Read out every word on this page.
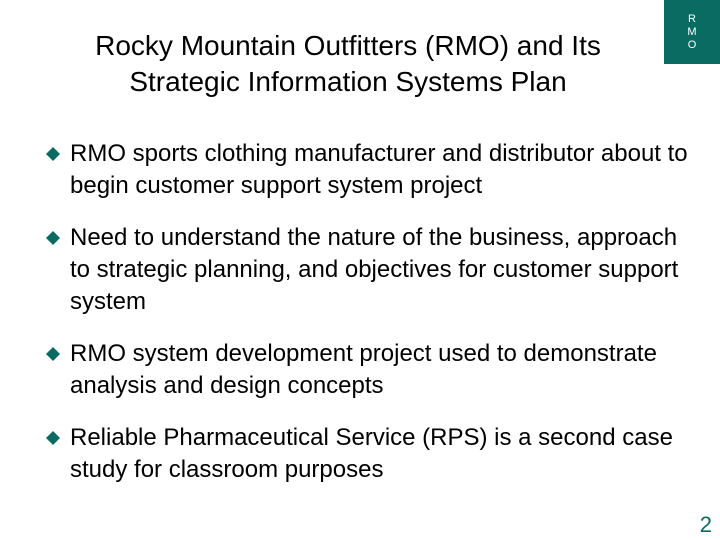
Rocky Mountain Outfitters (RMO) and Its
Strategic Information Systems Plan
R
M
O
RMO sports clothing manufacturer and distributor about to begin customer support system project
Need to understand the nature of the business, approach to strategic planning, and objectives for customer support system
RMO system development project used to demonstrate analysis and design concepts
Reliable Pharmaceutical Service (RPS) is a second case study for classroom purposes
2
